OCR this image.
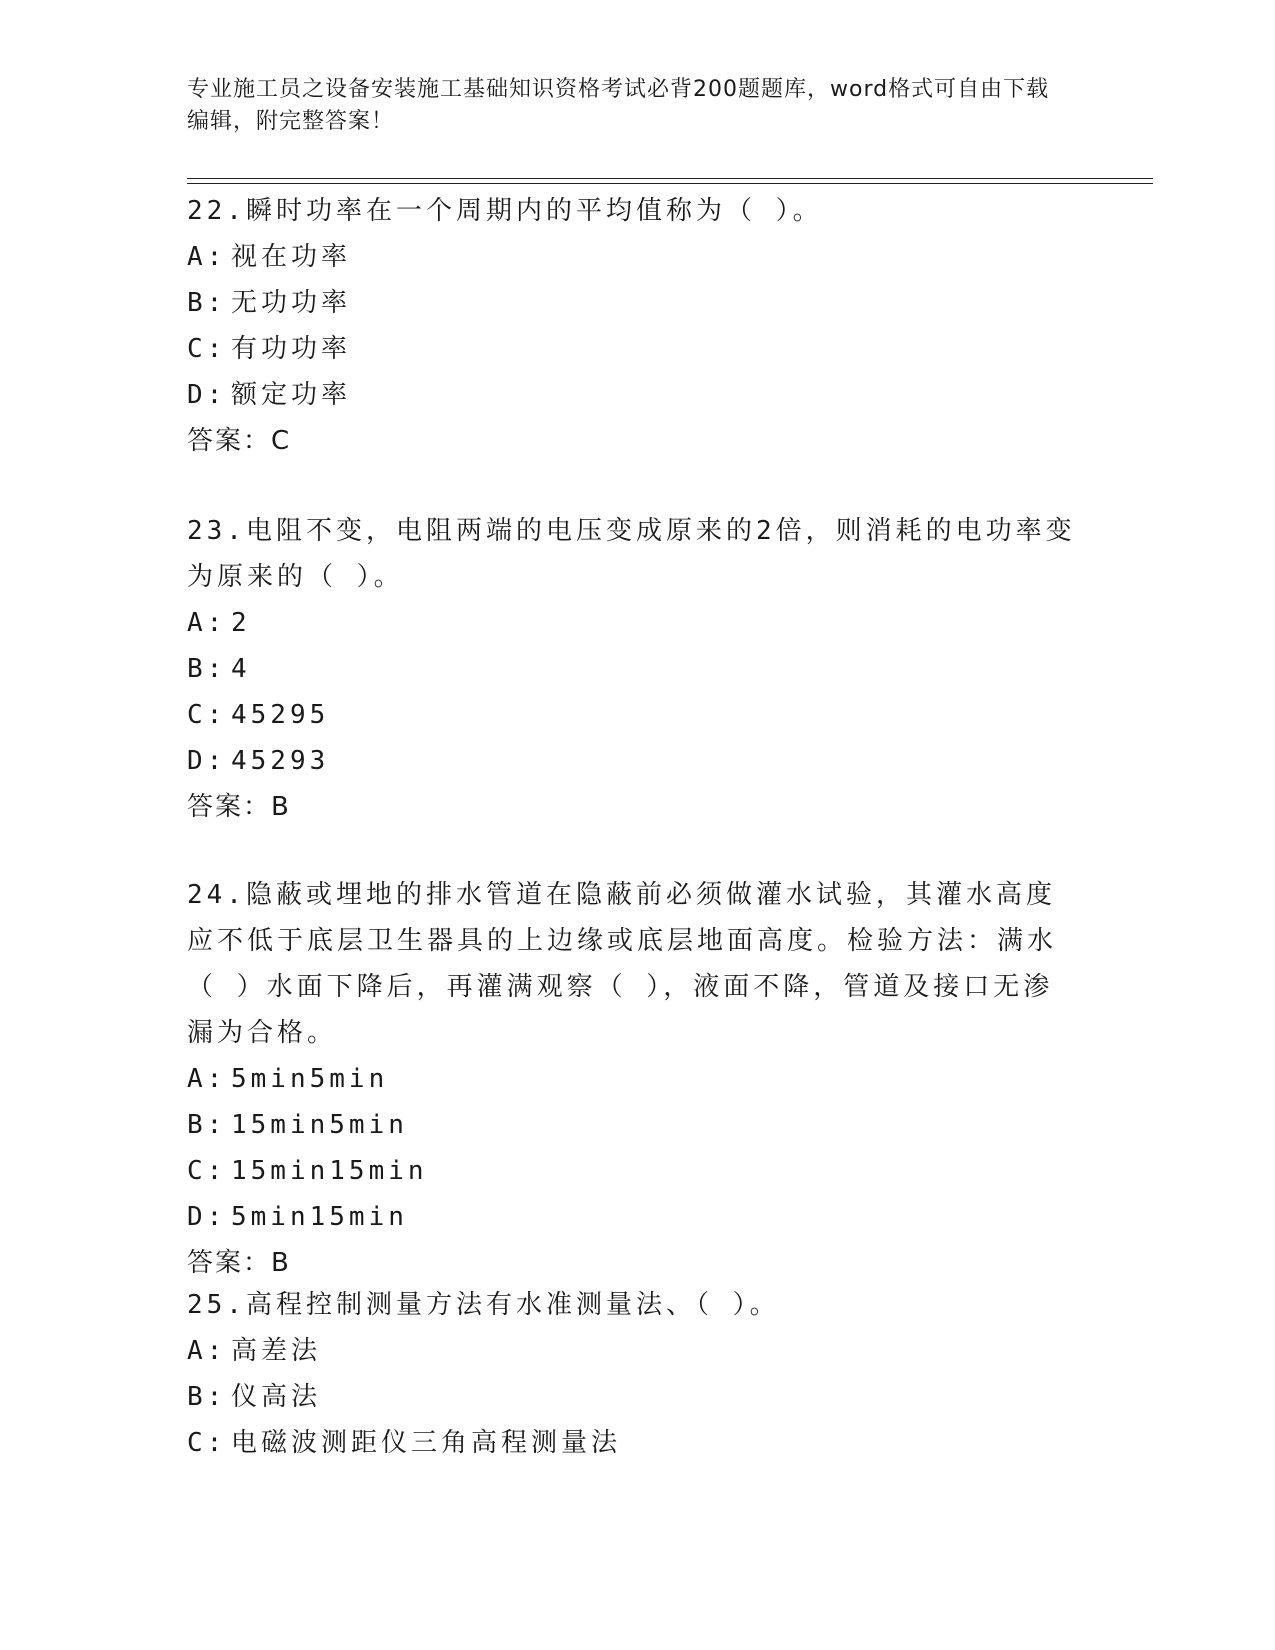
专业施工员之设备安装施工基础知识资格考试必背200题题库，word格式可自由下载编辑，附完整答案！

22.瞬时功率在一个周期内的平均值称为（ ）。

A: 视在功率
B: 无功功率
C: 有功功率
D: 额定功率
答案：C

23.电阻不变，电阻两端的电压变成原来的2倍，则消耗的电功率变为原来的（ ）。

A: 2
B: 4
C: 45295
D: 45293
答案：B

24.隐蔽或埋地的排水管道在隐蔽前必须做灌水试验，其灌水高度应不低于底层卫生器具的上边缘或底层地面高度。检验方法：满水（ ）水面下降后，再灌满观察（ ），液面不降，管道及接口无渗漏为合格。

A: 5min5min
B: 15min5min
C: 15min15min
D: 5min15min
答案：B

25.高程控制测量方法有水准测量法、（ ）。

A: 高差法
B: 仪高法
C: 电磁波测距仪三角高程测量法
